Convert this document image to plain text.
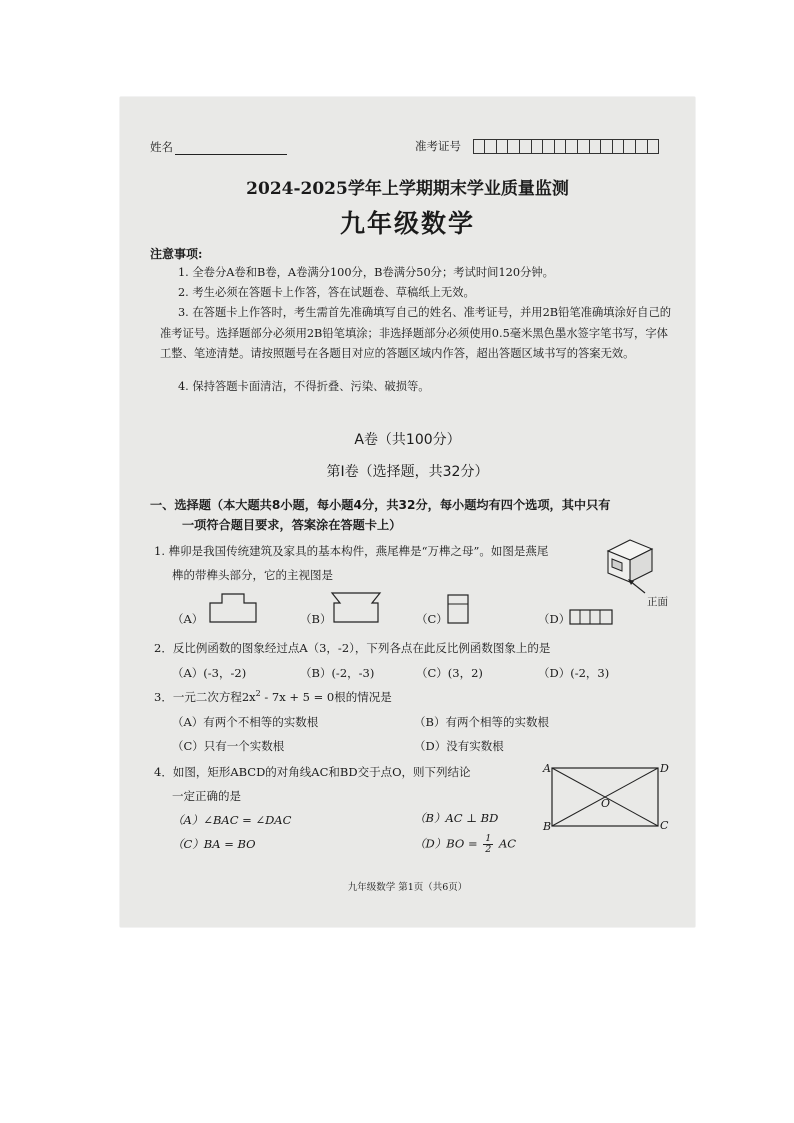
姓名	准考证号
2024-2025学年上学期期末学业质量监测
九年级数学
注意事项:
1. 全卷分A卷和B卷，A卷满分100分，B卷满分50分；考试时间120分钟。
2. 考生必须在答题卡上作答，答在试题卷、草稿纸上无效。
3. 在答题卡上作答时，考生需首先准确填写自己的姓名、准考证号，并用2B铅笔准确填涂好自己的准考证号。选择题部分必须用2B铅笔填涂；非选择题部分必须使用0.5毫米黑色墨水签字笔书写，字体工整、笔迹清楚。请按照题号在各题目对应的答题区域内作答，超出答题区域书写的答案无效。
4. 保持答题卡面清洁，不得折叠、污染、破损等。
A卷（共100分）
第Ⅰ卷（选择题，共32分）
一、选择题（本大题共8小题，每小题4分，共32分，每小题均有四个选项，其中只有
一项符合题目要求，答案涂在答题卡上）
1. 榫卯是我国传统建筑及家具的基本构件，燕尾榫是“万榫之母”。如图是燕尾
榫的带榫头部分，它的主视图是
正面
（A）	（B）	（C）	（D）
2．反比例函数的图象经过点A（3，-2），下列各点在此反比例函数图象上的是
（A）(-3，-2)	（B）(-2，-3)	（C）(3，2)	（D）(-2，3)
3．一元二次方程$2x^2 - 7x + 5 = 0$根的情况是
（A）有两个不相等的实数根	（B）有两个相等的实数根
（C）只有一个实数根	（D）没有实数根
4．如图，矩形ABCD的对角线AC和BD交于点O，则下列结论
一定正确的是
（A）∠BAC = ∠DAC	（B）AC ⊥ BD
（C）BA = BO	$(D)BO = \frac{1}{2}$ AC
A	D
B	C
O
九年级数学 第1页（共6页）
